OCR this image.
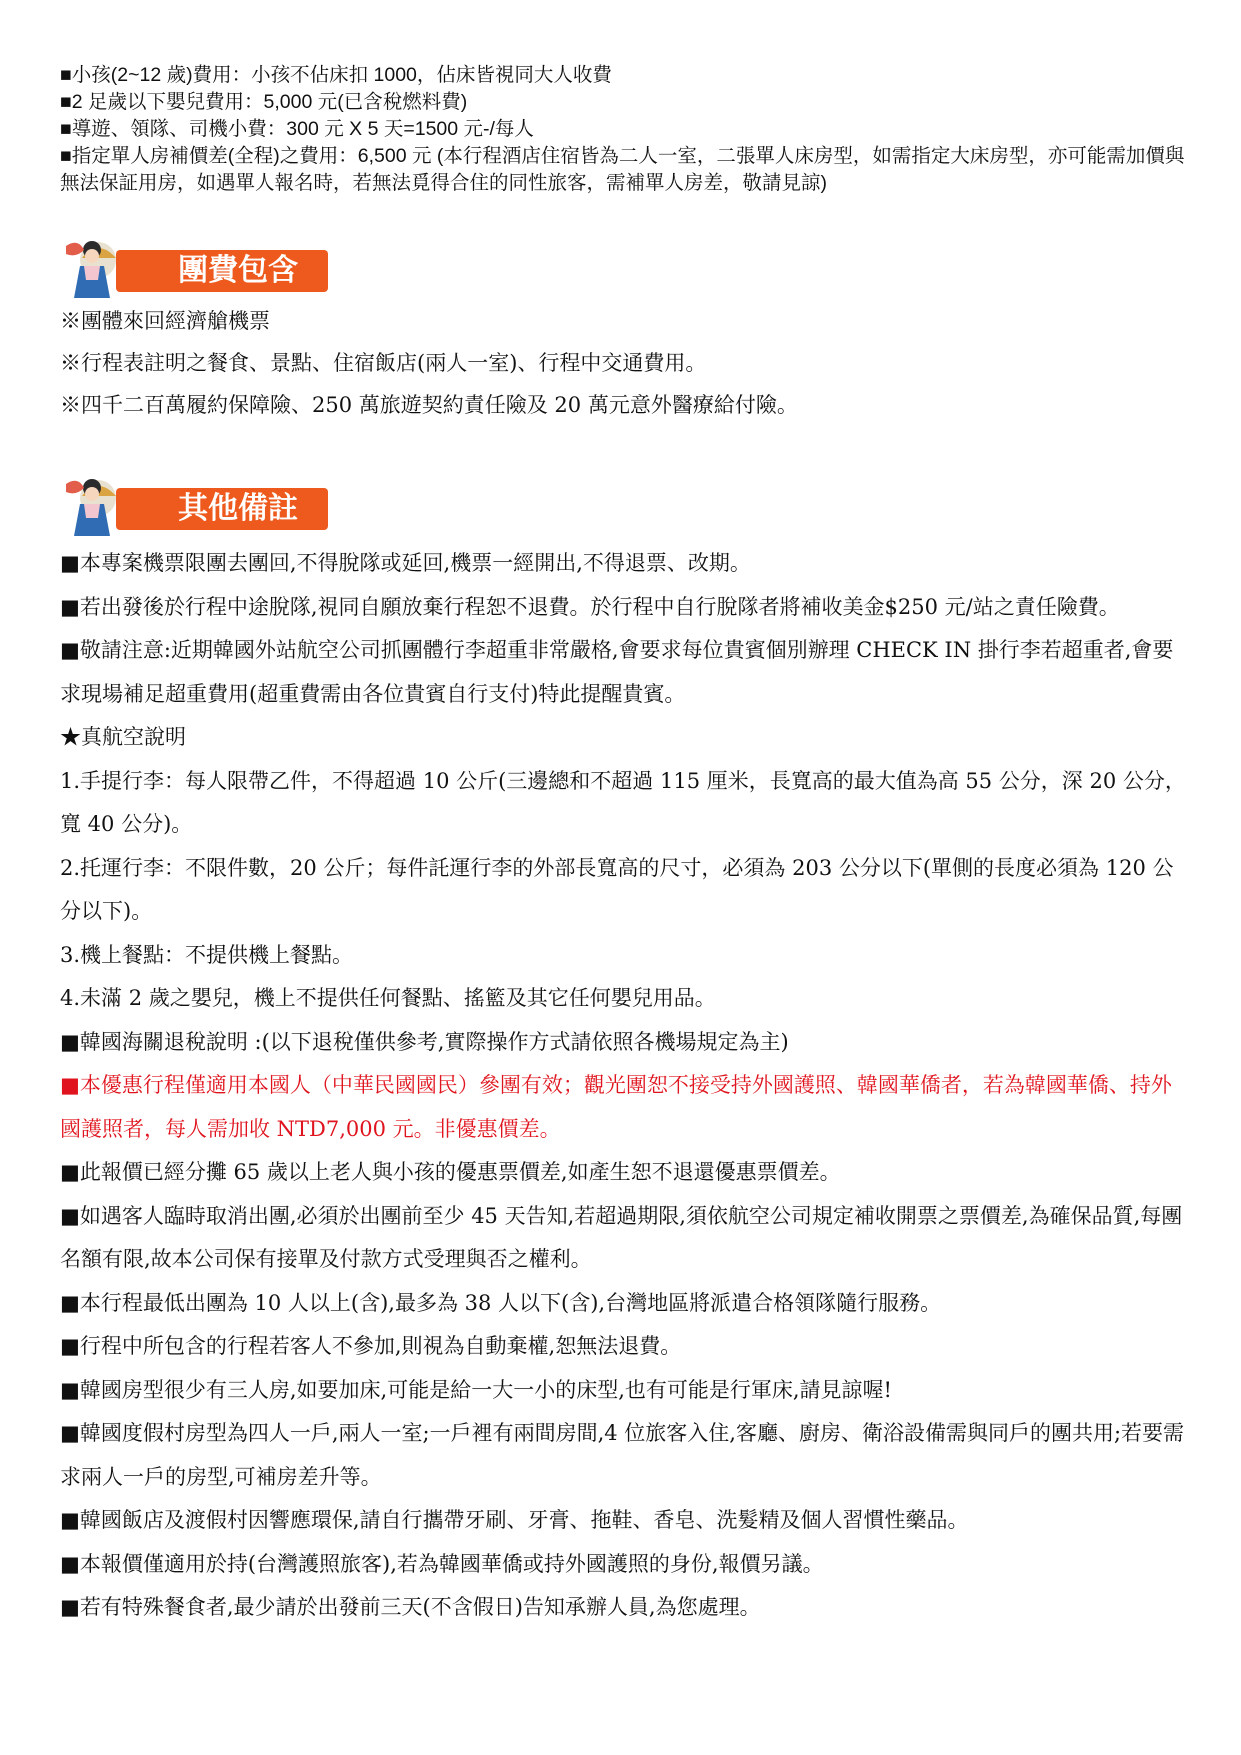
■小孩(2~12 歲)費用：小孩不佔床扣 1000，佔床皆視同大人收費

■2 足歲以下嬰兒費用：5,000 元(已含稅燃料費)

■導遊、領隊、司機小費：300 元 X 5 天=1500 元-/每人

■指定單人房補價差(全程)之費用：6,500 元 (本行程酒店住宿皆為二人一室，二張單人床房型，如需指定大床房型，亦可能需加價與無法保証用房，如遇單人報名時，若無法覓得合住的同性旅客，需補單人房差，敬請見諒)

團費包含

※團體來回經濟艙機票

※行程表註明之餐食、景點、住宿飯店(兩人一室)、行程中交通費用。

※四千二百萬履約保障險、250 萬旅遊契約責任險及 20 萬元意外醫療給付險。

其他備註

■本專案機票限團去團回,不得脫隊或延回,機票一經開出,不得退票、改期。

■若出發後於行程中途脫隊,視同自願放棄行程恕不退費。於行程中自行脫隊者將補收美金$250 元/站之責任險費。

■敬請注意:近期韓國外站航空公司抓團體行李超重非常嚴格,會要求每位貴賓個別辦理 CHECK IN 掛行李若超重者,會要求現場補足超重費用(超重費需由各位貴賓自行支付)特此提醒貴賓。

★真航空說明

1.手提行李：每人限帶乙件，不得超過 10 公斤(三邊總和不超過 115 厘米，長寬高的最大值為高 55 公分，深 20 公分，寬 40 公分)。

2.托運行李：不限件數，20 公斤；每件託運行李的外部長寬高的尺寸，必須為 203 公分以下(單側的長度必須為 120 公分以下)。

3.機上餐點：不提供機上餐點。

4.未滿 2 歲之嬰兒，機上不提供任何餐點、搖籃及其它任何嬰兒用品。

■韓國海關退稅說明 :(以下退稅僅供參考,實際操作方式請依照各機場規定為主)

■本優惠行程僅適用本國人（中華民國國民）參團有效；觀光團恕不接受持外國護照、韓國華僑者，若為韓國華僑、持外國護照者，每人需加收 NTD7,000 元。非優惠價差。

■此報價已經分攤 65 歲以上老人與小孩的優惠票價差,如產生恕不退還優惠票價差。

■如遇客人臨時取消出團,必須於出團前至少 45 天告知,若超過期限,須依航空公司規定補收開票之票價差,為確保品質,每團名額有限,故本公司保有接單及付款方式受理與否之權利。

■本行程最低出團為 10 人以上(含),最多為 38 人以下(含),台灣地區將派遣合格領隊隨行服務。

■行程中所包含的行程若客人不參加,則視為自動棄權,恕無法退費。

■韓國房型很少有三人房,如要加床,可能是給一大一小的床型,也有可能是行軍床,請見諒喔!

■韓國度假村房型為四人一戶,兩人一室;一戶裡有兩間房間,4 位旅客入住,客廳、廚房、衛浴設備需與同戶的團共用;若要需求兩人一戶的房型,可補房差升等。

■韓國飯店及渡假村因響應環保,請自行攜帶牙刷、牙膏、拖鞋、香皂、洗髮精及個人習慣性藥品。

■本報價僅適用於持(台灣護照旅客),若為韓國華僑或持外國護照的身份,報價另議。

■若有特殊餐食者,最少請於出發前三天(不含假日)告知承辦人員,為您處理。
